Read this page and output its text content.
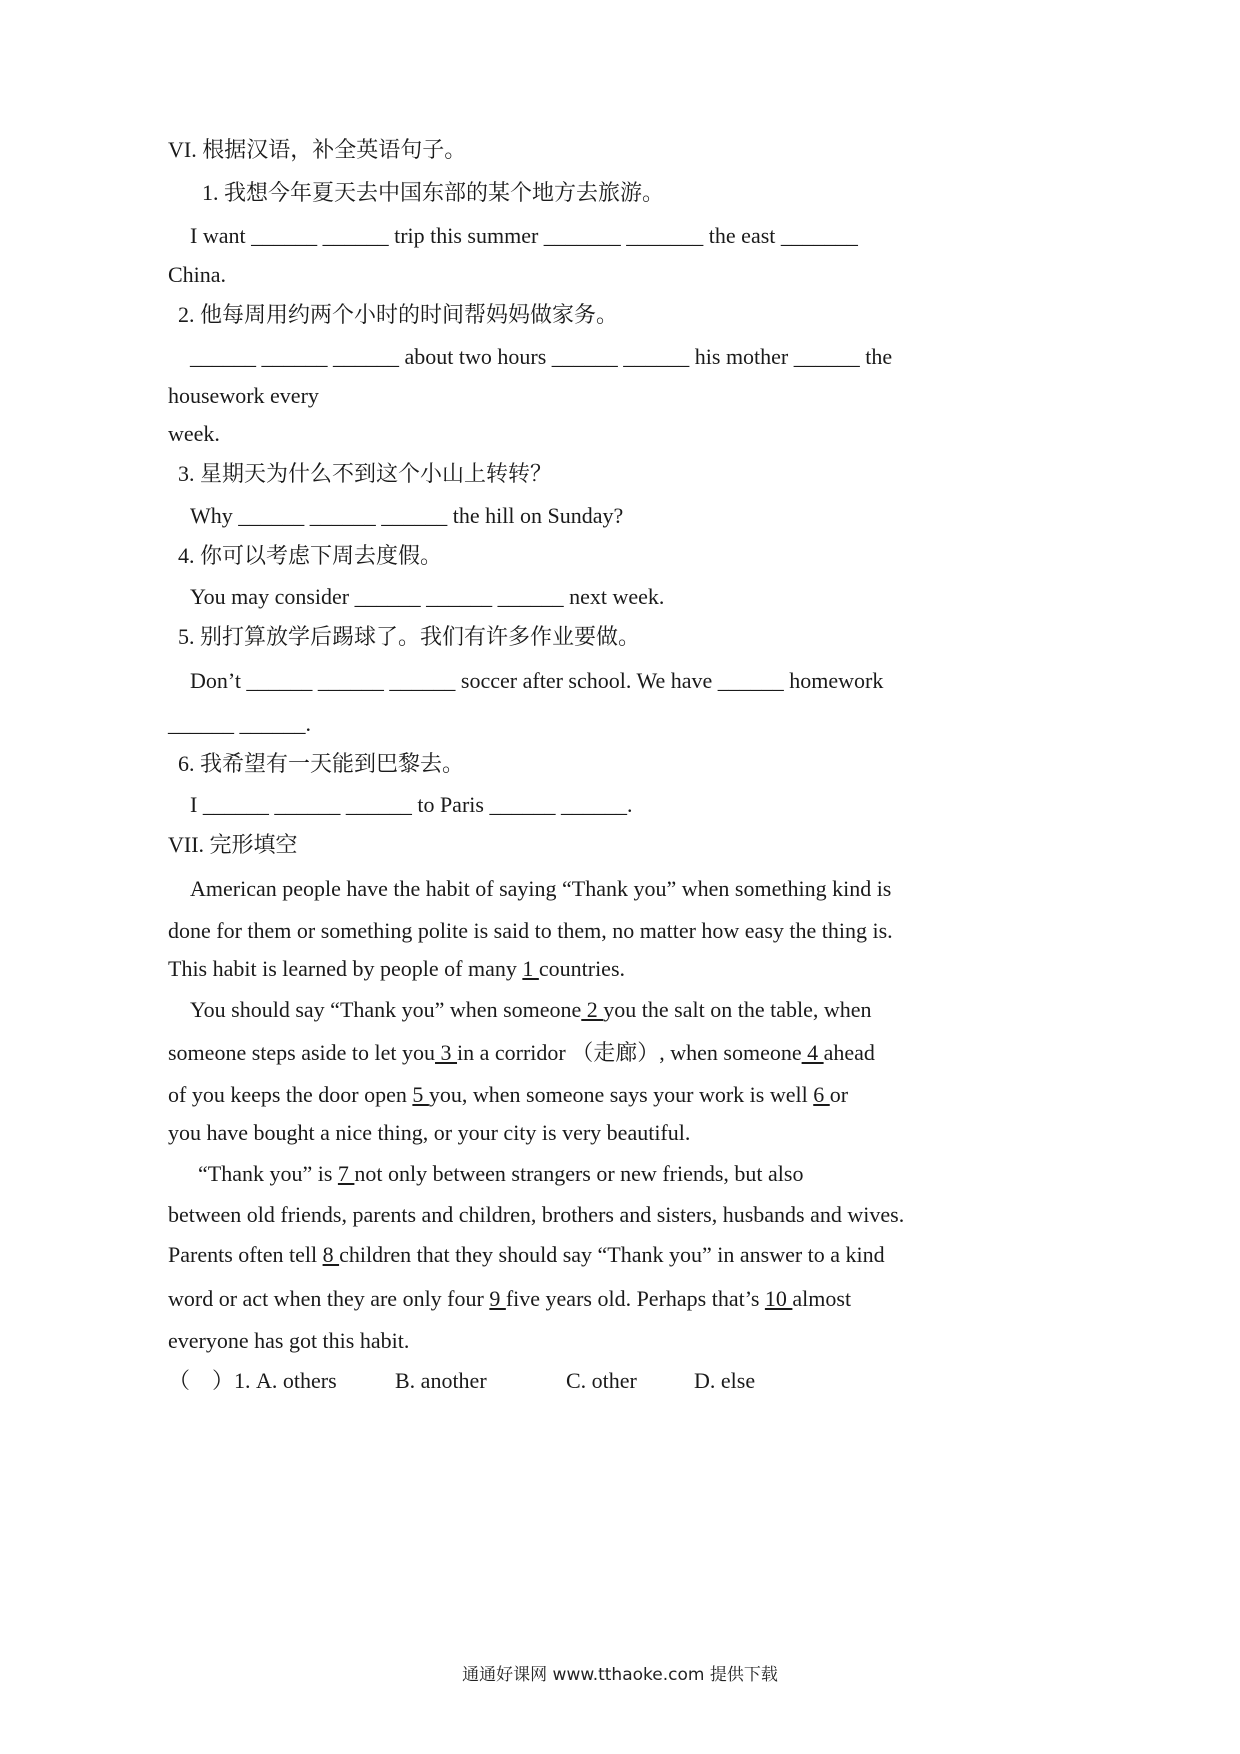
VI. 根据汉语，补全英语句子。
1. 我想今年夏天去中国东部的某个地方去旅游。
I want ______ ______ trip this summer _______ _______ the east _______
China.
2. 他每周用约两个小时的时间帮妈妈做家务。
______ ______ ______ about two hours ______ ______ his mother ______ the
housework every
week.
3. 星期天为什么不到这个小山上转转？
Why ______ ______ ______ the hill on Sunday?
4. 你可以考虑下周去度假。
You may consider ______ ______ ______ next week.
5. 别打算放学后踢球了。我们有许多作业要做。
Don’t ______ ______ ______ soccer after school. We have ______ homework
______ ______.
6. 我希望有一天能到巴黎去。
I ______ ______ ______ to Paris ______ ______.
VII. 完形填空
American people have the habit of saying “Thank you” when something kind is
done for them or something polite is said to them, no matter how easy the thing is.
This habit is learned by people of many 1 countries.
You should say “Thank you” when someone 2 you the salt on the table, when
someone steps aside to let you 3 in a corridor （走廊）, when someone 4 ahead
of you keeps the door open 5 you, when someone says your work is well 6 or
you have bought a nice thing, or your city is very beautiful.
“Thank you” is 7 not only between strangers or new friends, but also
between old friends, parents and children, brothers and sisters, husbands and wives.
Parents often tell 8 children that they should say “Thank you” in answer to a kind
word or act when they are only four 9 five years old. Perhaps that’s 10 almost
everyone has got this habit.
（　）1. A. others	B. another	C. other	D. else
通通好课网 www.tthaoke.com 提供下载
